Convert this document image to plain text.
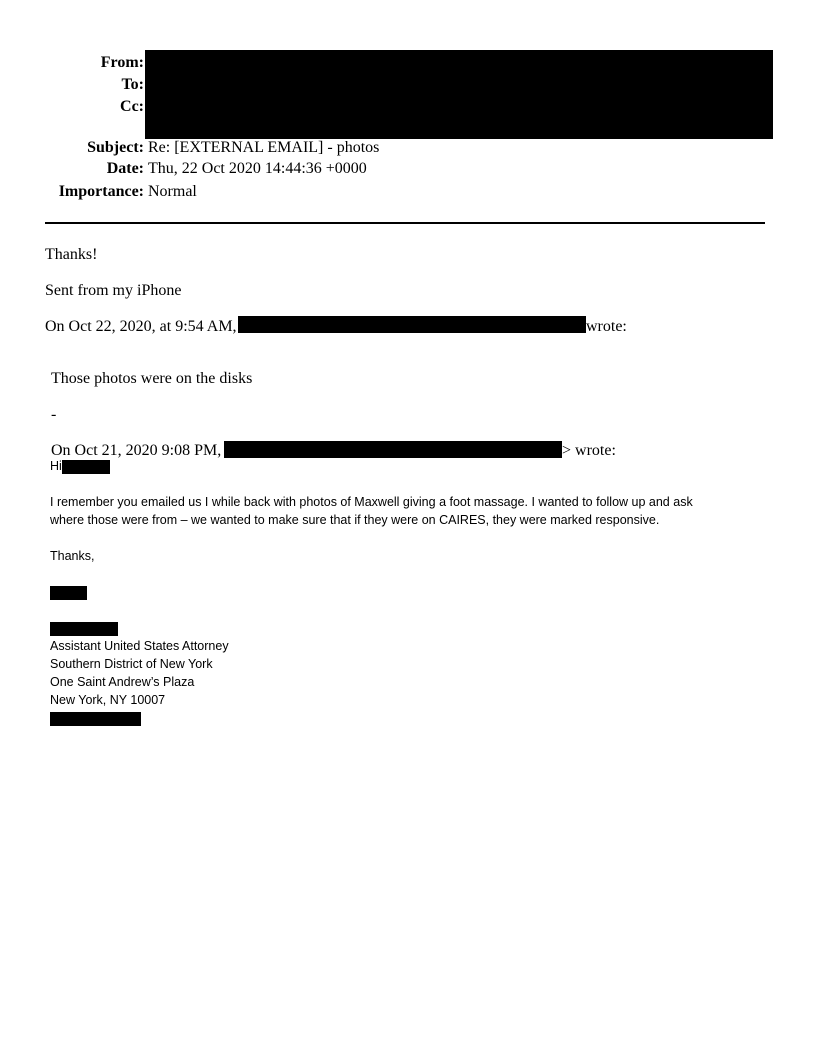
From:
To:
Cc:
Subject: Re: [EXTERNAL EMAIL] - photos
Date: Thu, 22 Oct 2020 14:44:36 +0000
Importance: Normal
Thanks!
Sent from my iPhone
On Oct 22, 2020, at 9:54 AM,	wrote:
Those photos were on the disks
-
On Oct 21, 2020 9:08 PM,	> wrote:
Hi
I remember you emailed us I while back with photos of Maxwell giving a foot massage. I wanted to follow up and ask
where those were from – we wanted to make sure that if they were on CAIRES, they were marked responsive.
Thanks,
Assistant United States Attorney
Southern District of New York
One Saint Andrew’s Plaza
New York, NY 10007
